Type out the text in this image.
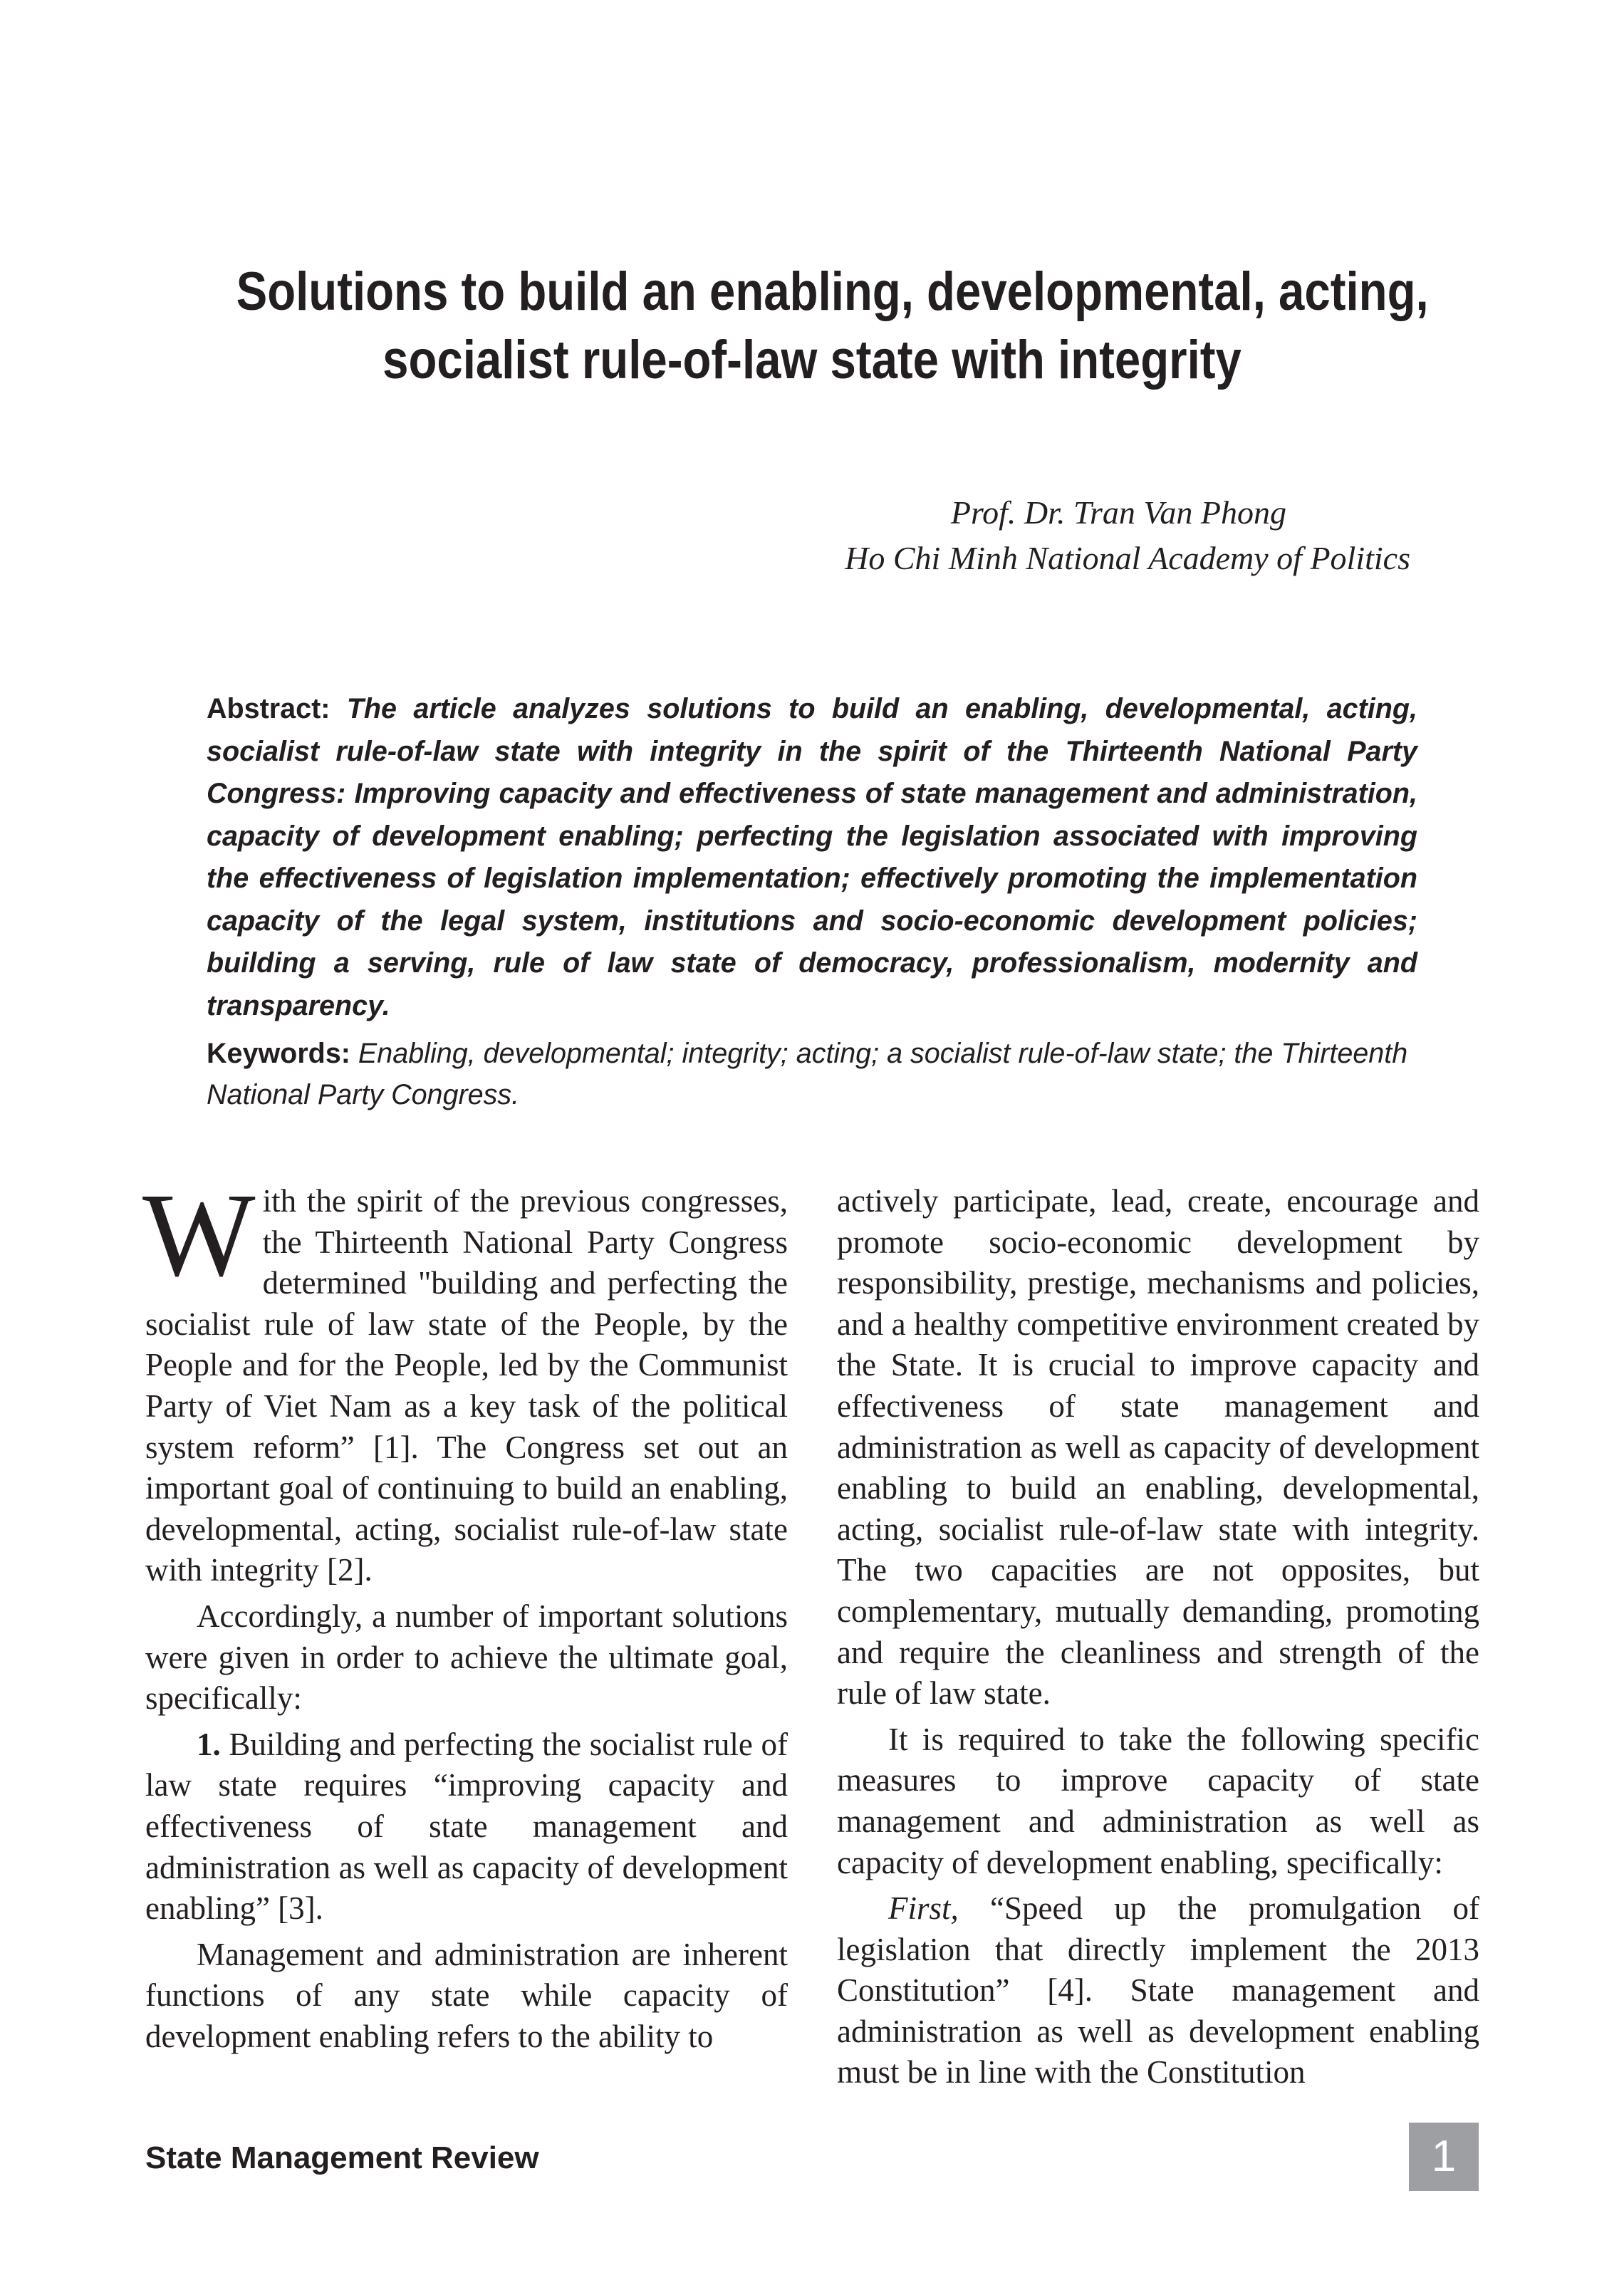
Solutions to build an enabling, developmental, acting,
socialist rule-of-law state with integrity
Prof. Dr. Tran Van Phong
Ho Chi Minh National Academy of Politics
Abstract: The article analyzes solutions to build an enabling, developmental, acting, socialist rule-of-law state with integrity in the spirit of the Thirteenth National Party Congress: Improving capacity and effectiveness of state management and administration, capacity of development enabling; perfecting the legislation associated with improving the effectiveness of legislation implementation; effectively promoting the implementation capacity of the legal system, institutions and socio-economic development policies; building a serving, rule of law state of democracy, professionalism, modernity and transparency.
Keywords: Enabling, developmental; integrity; acting; a socialist rule-of-law state; the Thirteenth National Party Congress.

With the spirit of the previous congresses, the Thirteenth National Party Congress determined "building and perfecting the socialist rule of law state of the People, by the People and for the People, led by the Communist Party of Viet Nam as a key task of the political system reform” [1]. The Congress set out an important goal of continuing to build an enabling, developmental, acting, socialist rule-of-law state with integrity [2].

Accordingly, a number of important solutions were given in order to achieve the ultimate goal, specifically:

1. Building and perfecting the socialist rule of law state requires “improving capacity and effectiveness of state management and administration as well as capacity of development enabling” [3].

Management and administration are inherent functions of any state while capacity of development enabling refers to the ability to

actively participate, lead, create, encourage and promote socio-economic development by responsibility, prestige, mechanisms and policies, and a healthy competitive environment created by the State. It is crucial to improve capacity and effectiveness of state management and administration as well as capacity of development enabling to build an enabling, developmental, acting, socialist rule-of-law state with integrity. The two capacities are not opposites, but complementary, mutually demanding, promoting and require the cleanliness and strength of the rule of law state.

It is required to take the following specific measures to improve capacity of state management and administration as well as capacity of development enabling, specifically:

First, “Speed up the promulgation of legislation that directly implement the 2013 Constitution” [4]. State management and administration as well as development enabling must be in line with the Constitution

State Management Review	1
